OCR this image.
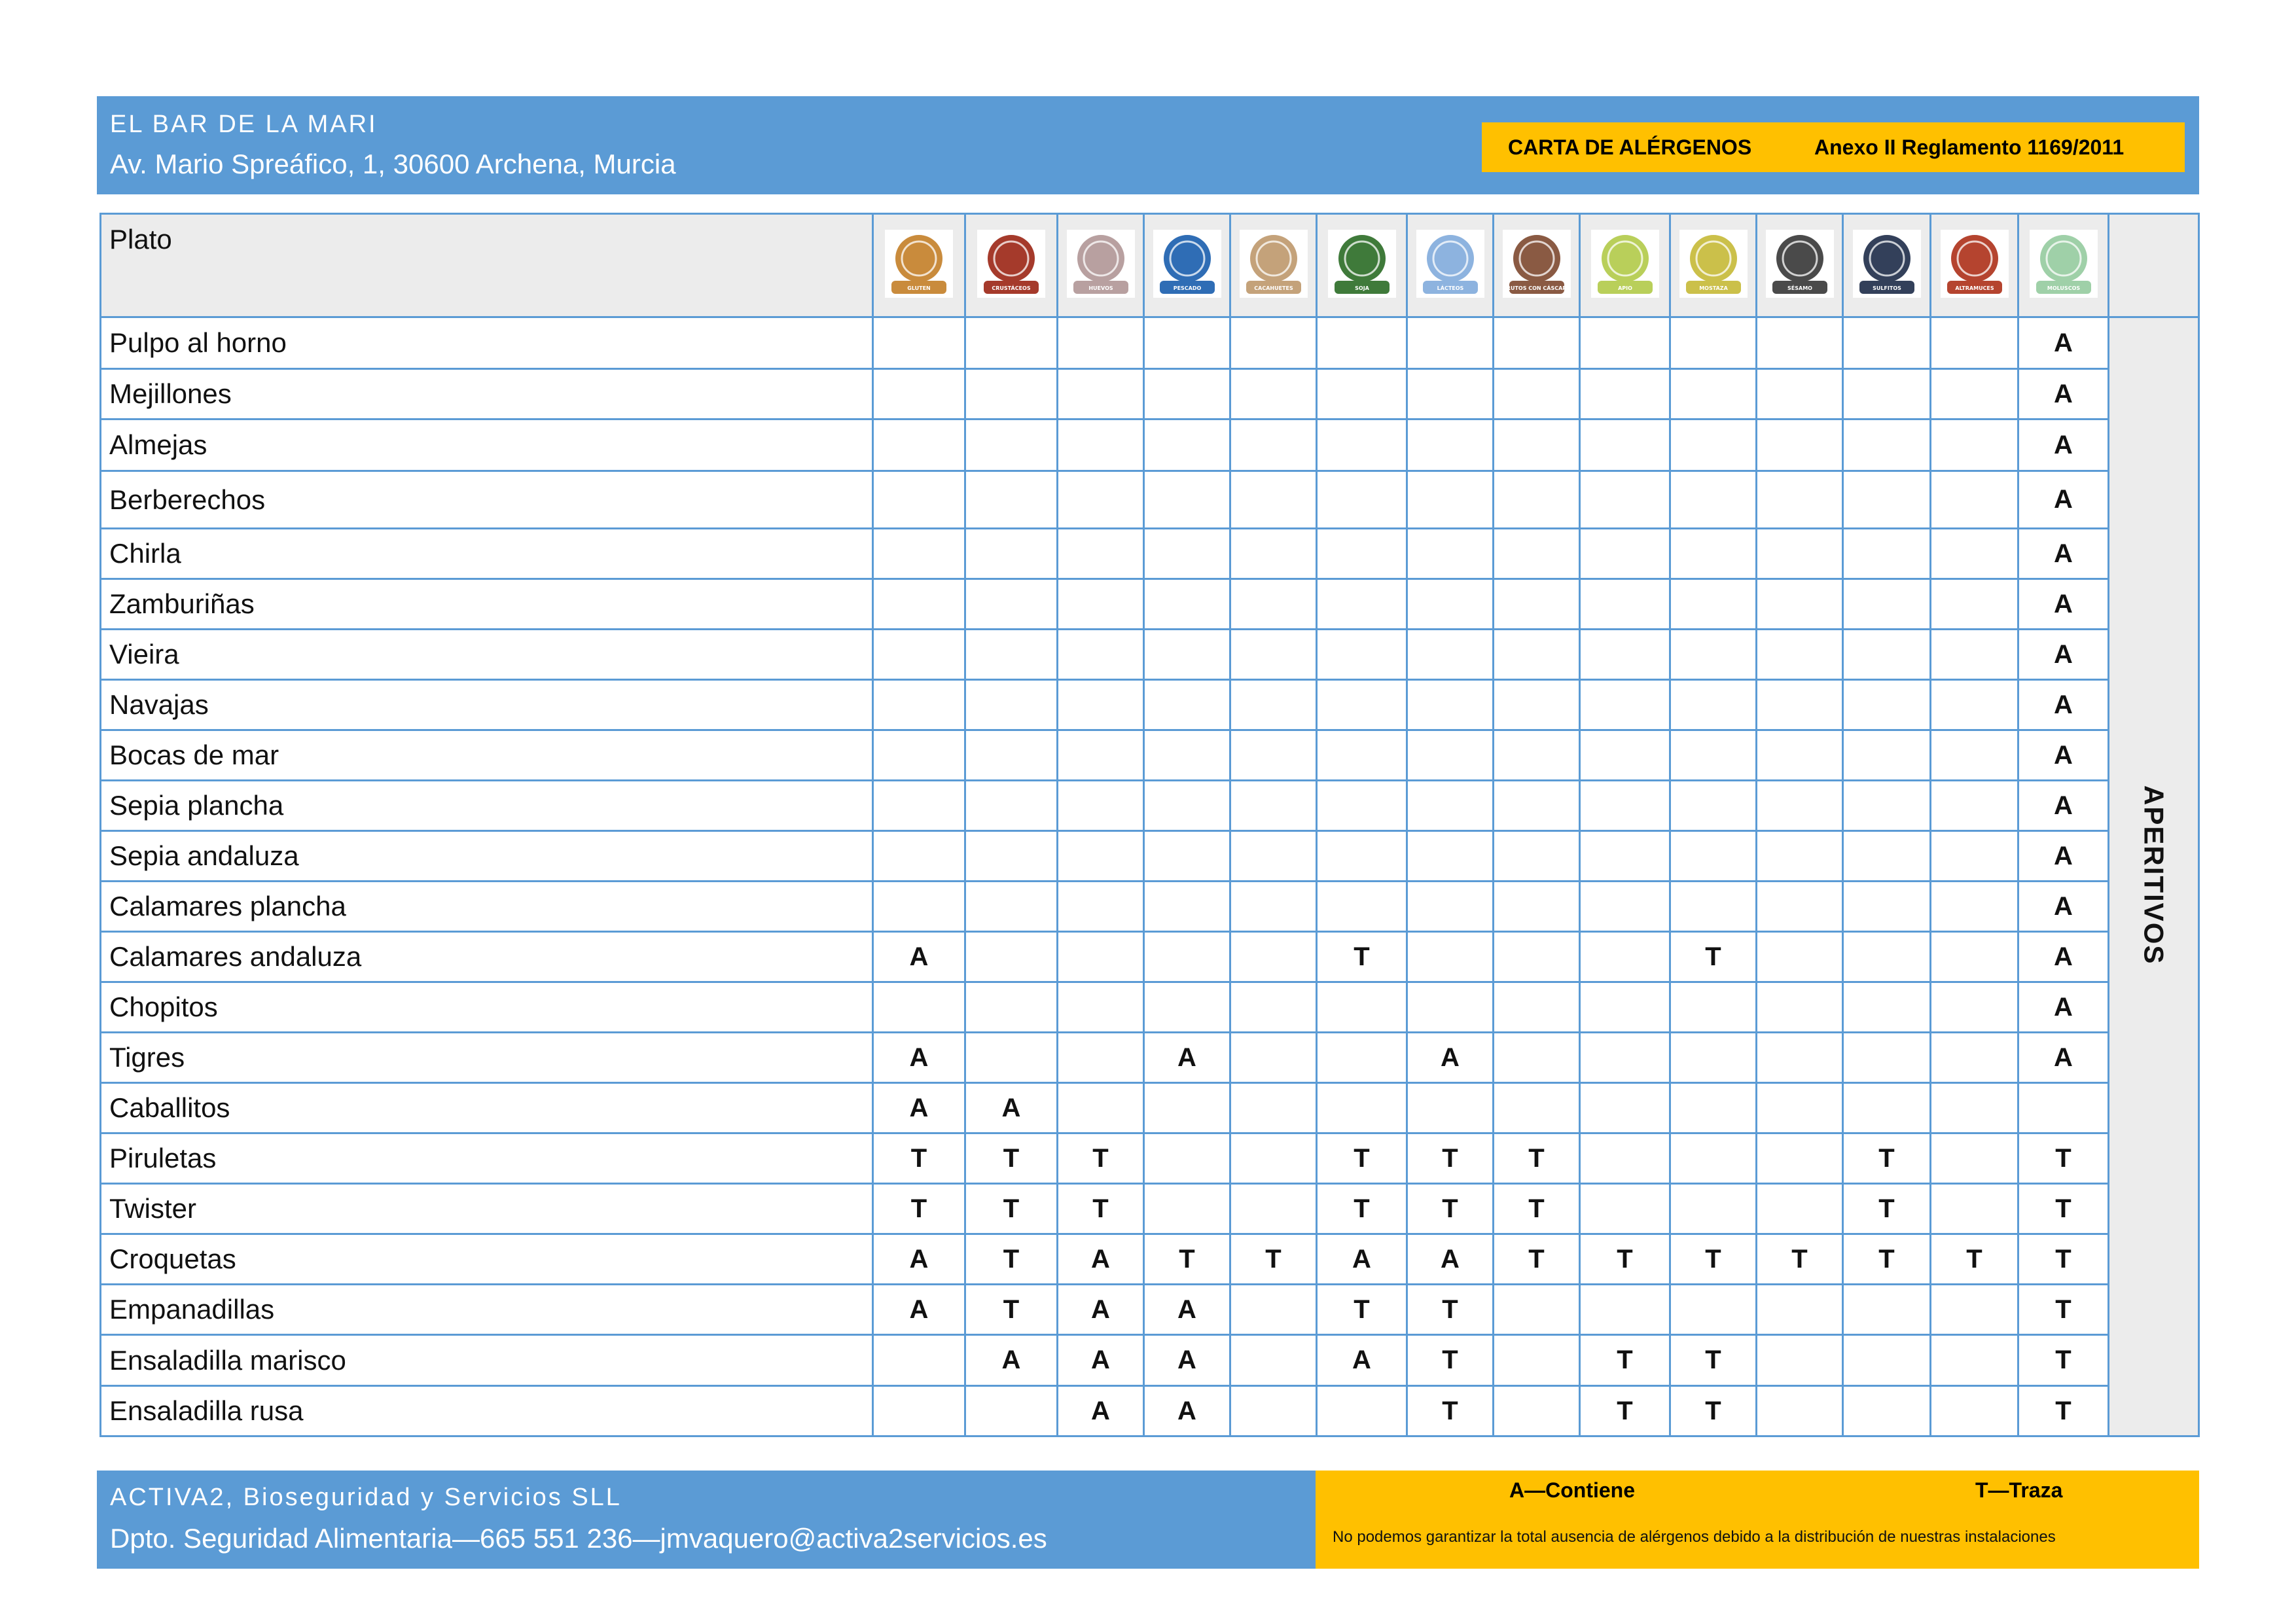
EL BAR DE LA MARI
Av. Mario Spreáfico, 1, 30600 Archena, Murcia
CARTA DE ALÉRGENOS	Anexo II Reglamento 1169/2011
Plato	GLUTEN	CRUSTÁCEOS	HUEVOS	PESCADO	CACAHUETES	SOJA	LÁCTEOS	FRUTOS CON CÁSCARA	APIO	MOSTAZA	SÉSAMO	SULFITOS	ALTRAMUCES	MOLUSCOS	

Pulpo al horno														A	APERITIVOS
Mejillones														A	
Almejas														A	
Berberechos														A	
Chirla														A	
Zamburiñas														A	
Vieira														A	
Navajas														A	
Bocas de mar														A	
Sepia plancha														A	
Sepia andaluza														A	
Calamares plancha														A	
Calamares andaluza	A					T				T				A	
Chopitos														A	
Tigres	A			A			A							A	
Caballitos	A	A													
Piruletas	T	T	T			T	T	T				T		T	
Twister	T	T	T			T	T	T				T		T	
Croquetas	A	T	A	T	T	A	A	T	T	T	T	T	T	T	
Empanadillas	A	T	A	A		T	T							T	
Ensaladilla marisco		A	A	A		A	T		T	T				T	
Ensaladilla rusa			A	A			T		T	T				T	
ACTIVA2, Bioseguridad y Servicios SLL
Dpto. Seguridad Alimentaria—665 551 236—jmvaquero@activa2servicios.es
A—Contiene	T—Traza
No podemos garantizar la total ausencia de alérgenos debido a la distribución de nuestras instalaciones
